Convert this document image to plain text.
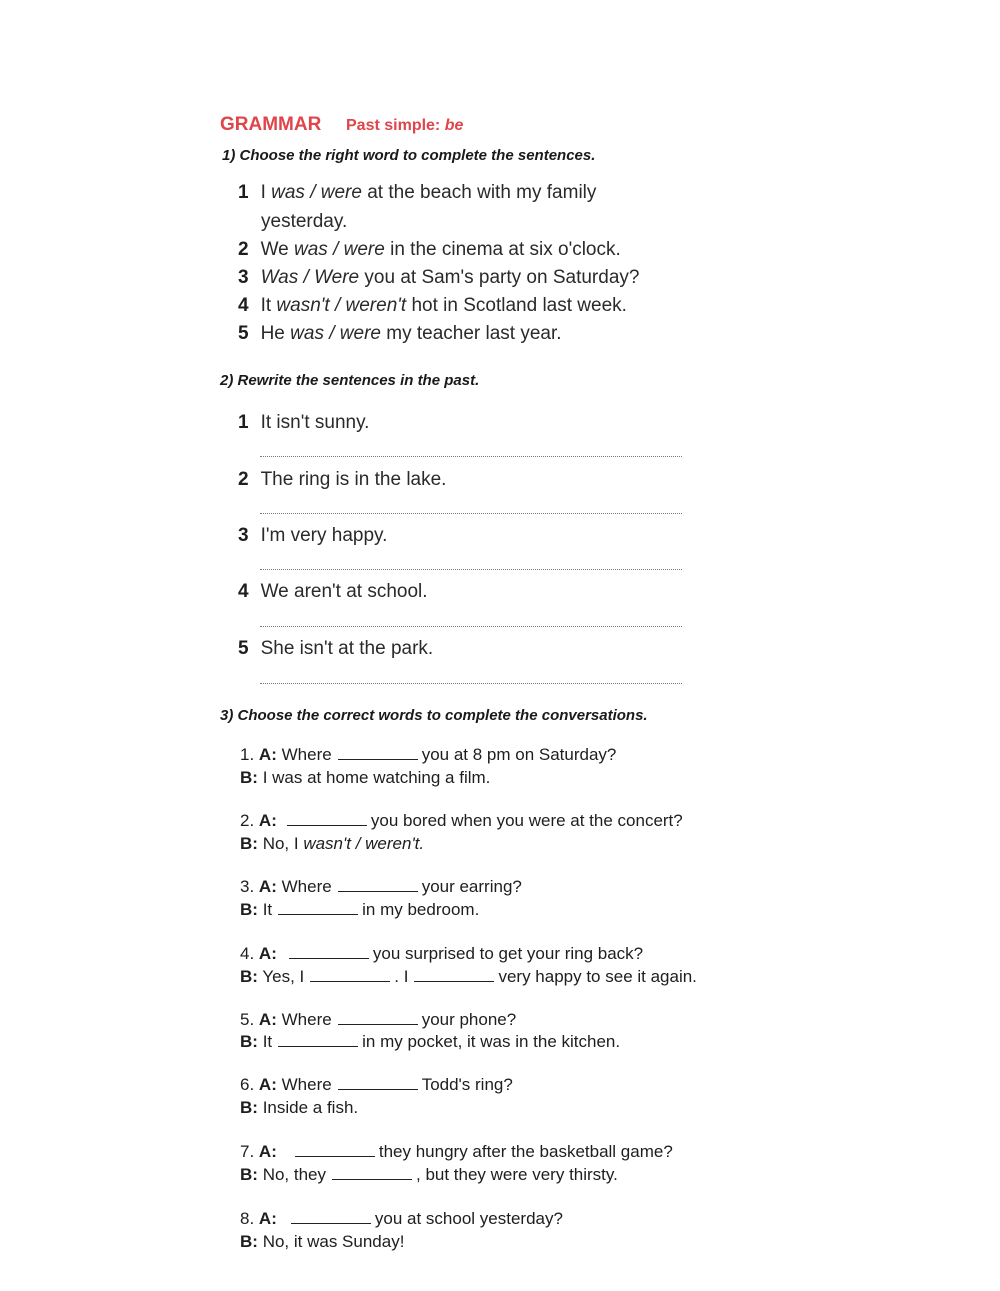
GRAMMAR Past simple: be
1) Choose the right word to complete the sentences.
1 I was / were at the beach with my family
yesterday.
2 We was / were in the cinema at six o'clock.
3 Was / Were you at Sam's party on Saturday?
4 It wasn't / weren't hot in Scotland last week.
5 He was / were my teacher last year.
2) Rewrite the sentences in the past.
1 It isn't sunny.
2 The ring is in the lake.
3 I'm very happy.
4 We aren't at school.
5 She isn't at the park.
3) Choose the correct words to complete the conversations.
1. A: Where	you at 8 pm on Saturday?
B: I was at home watching a film.
2. A:	you bored when you were at the concert?
B: No, I wasn't / weren't.
3. A: Where	your earring?
B: It	in my bedroom.
4. A:	you surprised to get your ring back?
B: Yes, I	. I	very happy to see it again.
5. A: Where	your phone?
B: It	in my pocket, it was in the kitchen.
6. A: Where	Todd's ring?
B: Inside a fish.
7. A:	they hungry after the basketball game?
B: No, they	, but they were very thirsty.
8. A:	you at school yesterday?
B: No, it was Sunday!
